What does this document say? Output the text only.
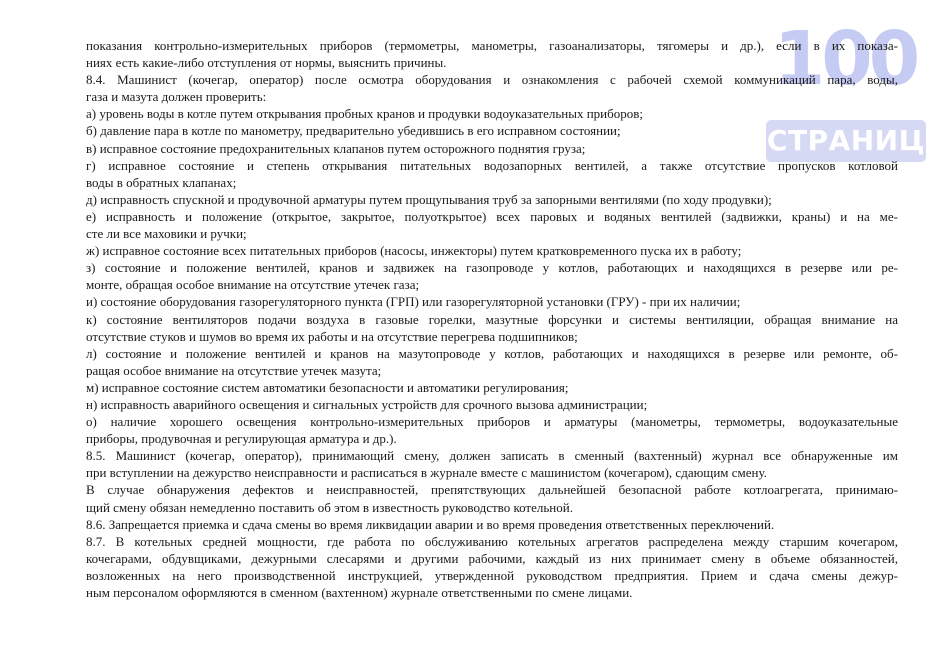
100
СТРАНИЦ
показания контрольно-измерительных приборов (термометры, манометры, газоанализаторы, тягомеры и др.), если в их показа-
ниях есть какие-либо отступления от нормы, выяснить причины.
8.4. Машинист (кочегар, оператор) после осмотра оборудования и ознакомления с рабочей схемой коммуникаций пара, воды,
газа и мазута должен проверить:
а) уровень воды в котле путем открывания пробных кранов и продувки водоуказательных приборов;
б) давление пара в котле по манометру, предварительно убедившись в его исправном состоянии;
в) исправное состояние предохранительных клапанов путем осторожного поднятия груза;
г) исправное состояние и степень открывания питательных водозапорных вентилей, а также отсутствие пропусков котловой
воды в обратных клапанах;
д) исправность спускной и продувочной арматуры путем прощупывания труб за запорными вентилями (по ходу продувки);
е) исправность и положение (открытое, закрытое, полуоткрытое) всех паровых и водяных вентилей (задвижки, краны) и на ме-
сте ли все маховики и ручки;
ж) исправное состояние всех питательных приборов (насосы, инжекторы) путем кратковременного пуска их в работу;
з) состояние и положение вентилей, кранов и задвижек на газопроводе у котлов, работающих и находящихся в резерве или ре-
монте, обращая особое внимание на отсутствие утечек газа;
и) состояние оборудования газорегуляторного пункта (ГРП) или газорегуляторной установки (ГРУ) - при их наличии;
к) состояние вентиляторов подачи воздуха в газовые горелки, мазутные форсунки и системы вентиляции, обращая внимание на
отсутствие стуков и шумов во время их работы и на отсутствие перегрева подшипников;
л) состояние и положение вентилей и кранов на мазутопроводе у котлов, работающих и находящихся в резерве или ремонте, об-
ращая особое внимание на отсутствие утечек мазута;
м) исправное состояние систем автоматики безопасности и автоматики регулирования;
н) исправность аварийного освещения и сигнальных устройств для срочного вызова администрации;
о) наличие хорошего освещения контрольно-измерительных приборов и арматуры (манометры, термометры, водоуказательные
приборы, продувочная и регулирующая арматура и др.).
8.5. Машинист (кочегар, оператор), принимающий смену, должен записать в сменный (вахтенный) журнал все обнаруженные им
при вступлении на дежурство неисправности и расписаться в журнале вместе с машинистом (кочегаром), сдающим смену.
В случае обнаружения дефектов и неисправностей, препятствующих дальнейшей безопасной работе котлоагрегата, принимаю-
щий смену обязан немедленно поставить об этом в известность руководство котельной.
8.6. Запрещается приемка и сдача смены во время ликвидации аварии и во время проведения ответственных переключений.
8.7. В котельных средней мощности, где работа по обслуживанию котельных агрегатов распределена между старшим кочегаром,
кочегарами, обдувщиками, дежурными слесарями и другими рабочими, каждый из них принимает смену в объеме обязанностей,
возложенных на него производственной инструкцией, утвержденной руководством предприятия. Прием и сдача смены дежур-
ным персоналом оформляются в сменном (вахтенном) журнале ответственными по смене лицами.
